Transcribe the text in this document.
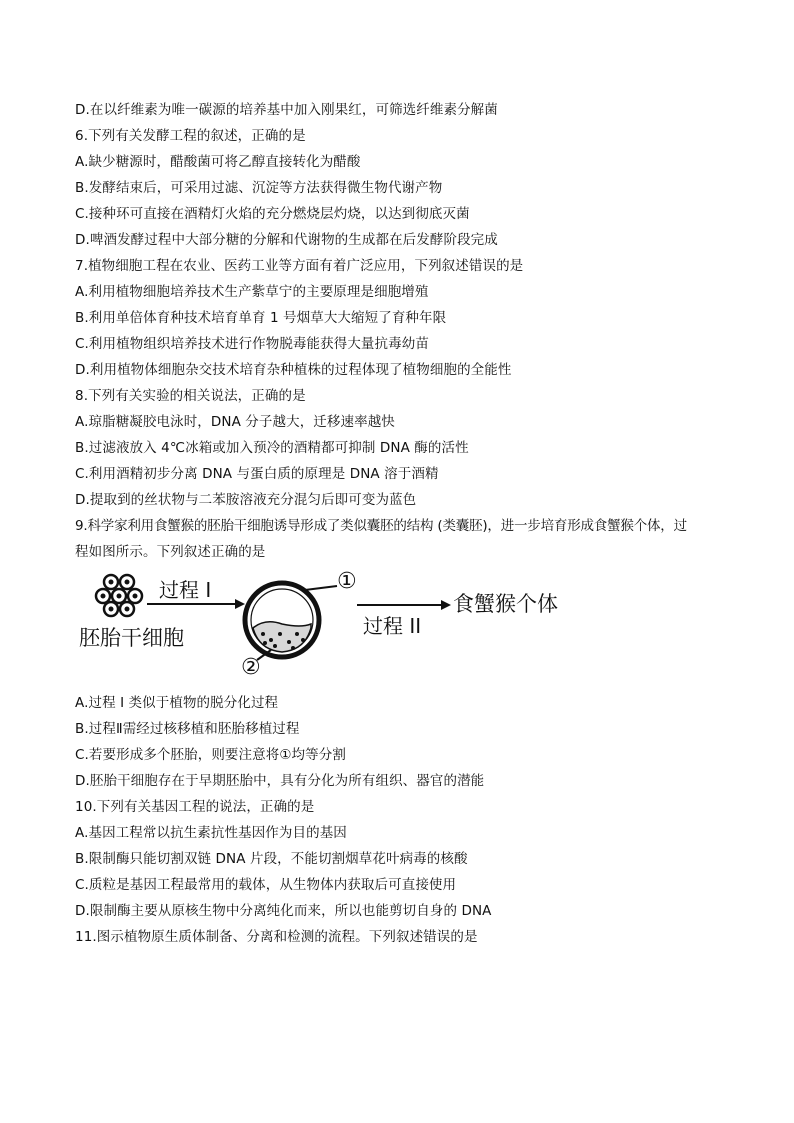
D.在以纤维素为唯一碳源的培养基中加入刚果红，可筛选纤维素分解菌
6.下列有关发酵工程的叙述，正确的是
A.缺少糖源时，醋酸菌可将乙醇直接转化为醋酸
B.发酵结束后，可采用过滤、沉淀等方法获得微生物代谢产物
C.接种环可直接在酒精灯火焰的充分燃烧层灼烧，以达到彻底灭菌
D.啤酒发酵过程中大部分糖的分解和代谢物的生成都在后发酵阶段完成
7.植物细胞工程在农业、医药工业等方面有着广泛应用，下列叙述错误的是
A.利用植物细胞培养技术生产紫草宁的主要原理是细胞增殖
B.利用单倍体育种技术培育单育 1 号烟草大大缩短了育种年限
C.利用植物组织培养技术进行作物脱毒能获得大量抗毒幼苗
D.利用植物体细胞杂交技术培育杂种植株的过程体现了植物细胞的全能性
8.下列有关实验的相关说法，正确的是
A.琼脂糖凝胶电泳时，DNA 分子越大，迁移速率越快
B.过滤液放入 4℃冰箱或加入预冷的酒精都可抑制 DNA 酶的活性
C.利用酒精初步分离 DNA 与蛋白质的原理是 DNA 溶于酒精
D.提取到的丝状物与二苯胺溶液充分混匀后即可变为蓝色
9.科学家利用食蟹猴的胚胎干细胞诱导形成了类似囊胚的结构 (类囊胚)，进一步培育形成食蟹猴个体，过
程如图所示。下列叙述正确的是
过程 I
胚胎干细胞
①
②
过程 II
食蟹猴个体
A.过程 I 类似于植物的脱分化过程
B.过程Ⅱ需经过核移植和胚胎移植过程
C.若要形成多个胚胎，则要注意将①均等分割
D.胚胎干细胞存在于早期胚胎中，具有分化为所有组织、器官的潜能
10.下列有关基因工程的说法，正确的是
A.基因工程常以抗生素抗性基因作为目的基因
B.限制酶只能切割双链 DNA 片段，不能切割烟草花叶病毒的核酸
C.质粒是基因工程最常用的载体，从生物体内获取后可直接使用
D.限制酶主要从原核生物中分离纯化而来，所以也能剪切自身的 DNA
11.图示植物原生质体制备、分离和检测的流程。下列叙述错误的是
